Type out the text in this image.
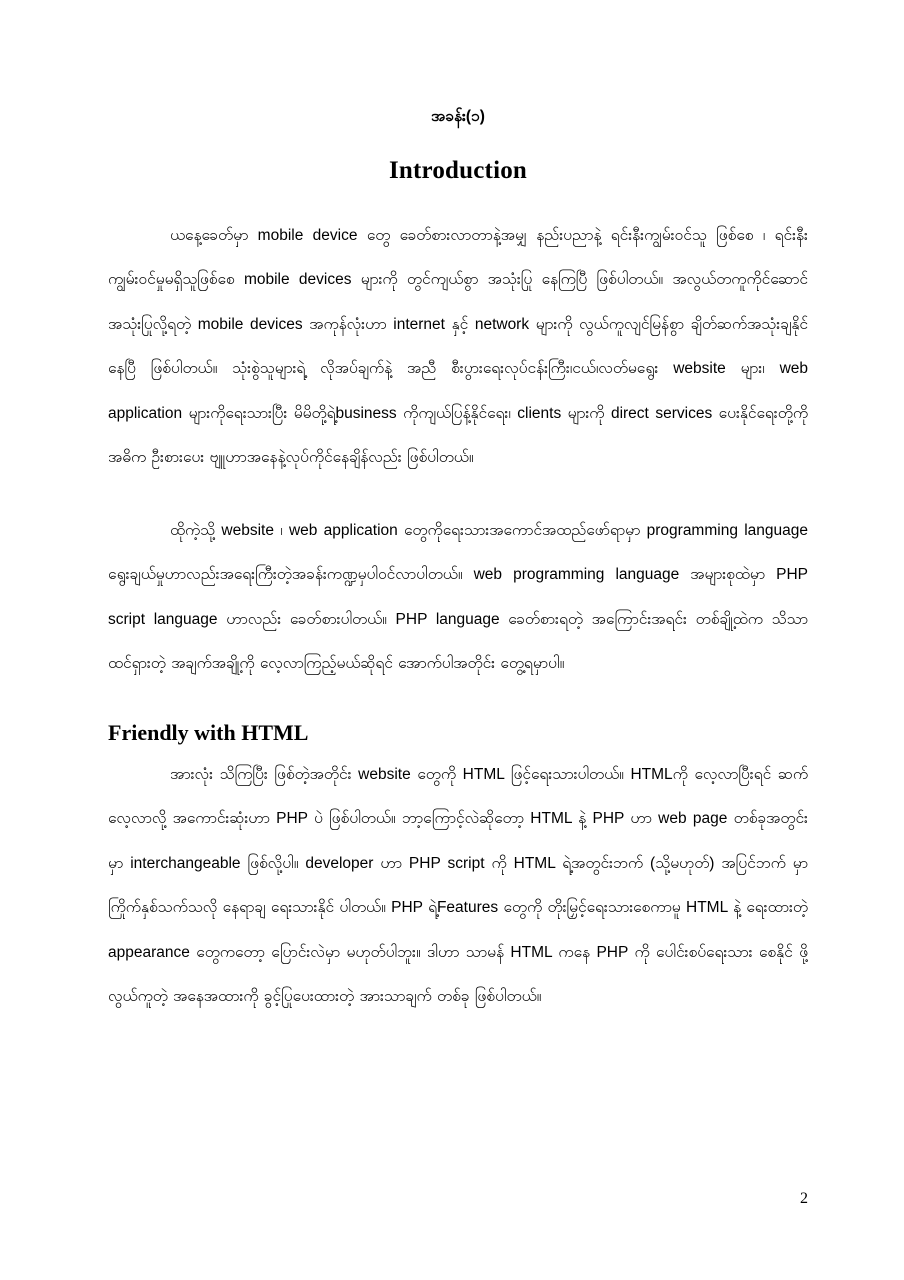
အခန်း(၁)
Introduction

ယနေ့ခေတ်မှာ mobile device တွေ ခေတ်စားလာတာနဲ့အမျှ နည်းပညာနဲ့ ရင်းနီးကျွမ်းဝင်သူ ဖြစ်စေ ၊ ရင်းနီးကျွမ်းဝင်မှုမရှိသူဖြစ်စေ mobile devices များကို တွင်ကျယ်စွာ အသုံးပြု နေကြပြီ ဖြစ်ပါတယ်။ အလွယ်တကူကိုင်ဆောင် အသုံးပြုလို့ရတဲ့ mobile devices အကုန်လုံးဟာ internet နှင့် network များကို လွယ်ကူလျင်မြန်စွာ ချိတ်ဆက်အသုံးချနိုင်နေပြီ ဖြစ်ပါတယ်။ သုံးစွဲသူများရဲ့ လိုအပ်ချက်နဲ့ အညီ စီးပွားရေးလုပ်ငန်းကြီး၊ငယ်၊လတ်မရွေး website များ၊ web application များကိုရေးသားပြီး မိမိတို့ရဲ့business ကိုကျယ်ပြန့်နိုင်ရေး၊ clients များကို direct services ပေးနိုင်ရေးတို့ကို အဓိက ဦးစားပေး ဗျူဟာအနေနဲ့လုပ်ကိုင်နေချိန်လည်း ဖြစ်ပါတယ်။

ထိုကဲ့သို့ website ၊ web application တွေကိုရေးသားအကောင်အထည်ဖော်ရာမှာ programming language ရွေးချယ်မှုဟာလည်းအရေးကြီးတဲ့အခန်းကဏ္ဍမှပါဝင်လာပါတယ်။ web programming language အများစုထဲမှာ PHP script language ဟာလည်း ခေတ်စားပါတယ်။ PHP language ခေတ်စားရတဲ့ အကြောင်းအရင်း တစ်ချို့ထဲက သိသာထင်ရှားတဲ့ အချက်အချို့ကို လေ့လာကြည့်မယ်ဆိုရင် အောက်ပါအတိုင်း တွေ့ရမှာပါ။

Friendly with HTML

အားလုံး သိကြပြီး ဖြစ်တဲ့အတိုင်း website တွေကို HTML ဖြင့်ရေးသားပါတယ်။ HTMLကို လေ့လာပြီးရင် ဆက်လေ့လာလို့ အကောင်းဆုံးဟာ PHP ပဲ ဖြစ်ပါတယ်။ ဘာ့ကြောင့်လဲဆိုတော့ HTML နဲ့ PHP ဟာ web page တစ်ခုအတွင်းမှာ interchangeable ဖြစ်လို့ပါ။ developer ဟာ PHP script ကို HTML ရဲ့အတွင်းဘက် (သို့မဟုတ်) အပြင်ဘက် မှာ ကြိုက်နှစ်သက်သလို နေရာချ ရေးသားနိုင် ပါတယ်။ PHP ရဲ့Features တွေကို တိုးမြှင့်ရေးသားစေကာမူ HTML နဲ့ ရေးထားတဲ့ appearance တွေကတော့ ပြောင်းလဲမှာ မဟုတ်ပါဘူး။ ဒါဟာ သာမန် HTML ကနေ PHP ကို ပေါင်းစပ်ရေးသား စေနိုင် ဖို့ လွယ်ကူတဲ့ အနေအထားကို ခွင့်ပြုပေးထားတဲ့ အားသာချက် တစ်ခု ဖြစ်ပါတယ်။

2
